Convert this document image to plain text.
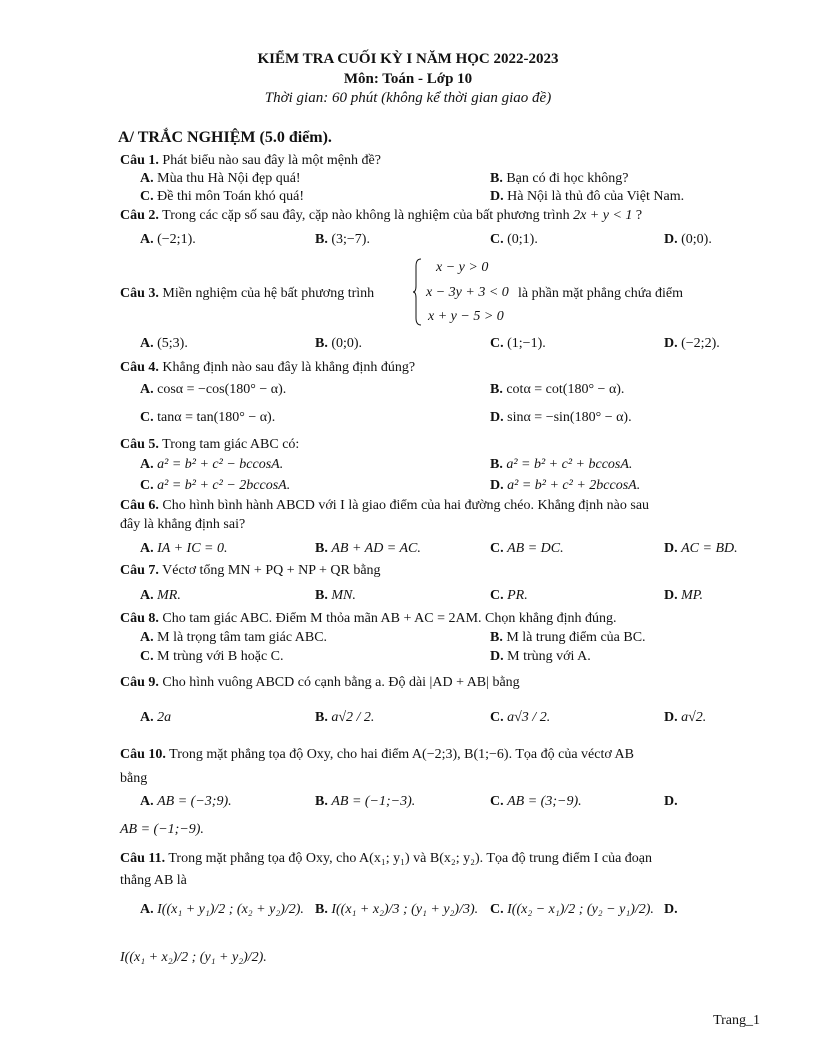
KIỂM TRA CUỐI KỲ I NĂM HỌC 2022-2023
Môn: Toán - Lớp 10
Thời gian: 60 phút (không kể thời gian giao đề)
A/ TRẮC NGHIỆM (5.0 điểm).
Câu 1. Phát biểu nào sau đây là một mệnh đề?
A. Mùa thu Hà Nội đẹp quá!	B. Bạn có đi học không?
C. Đề thi môn Toán khó quá!	D. Hà Nội là thủ đô của Việt Nam.
Câu 2. Trong các cặp số sau đây, cặp nào không là nghiệm của bất phương trình 2x + y < 1 ?
A. (−2;1).	B. (3;−7).	C. (0;1).	D. (0;0).
Câu 3. Miền nghiệm của hệ bất phương trình
x − y > 0
x − 3y + 3 < 0
x + y − 5 > 0
là phần mặt phẳng chứa điểm
A. (5;3).	B. (0;0).	C. (1;−1).	D. (−2;2).
Câu 4. Khẳng định nào sau đây là khẳng định đúng?
A. cosα = −cos(180° − α).	B. cotα = cot(180° − α).
C. tanα = tan(180° − α).	D. sinα = −sin(180° − α).
Câu 5. Trong tam giác ABC có:
A. a² = b² + c² − bccosA.	B. a² = b² + c² + bccosA.
C. a² = b² + c² − 2bccosA.	D. a² = b² + c² + 2bccosA.
Câu 6. Cho hình bình hành ABCD với I là giao điểm của hai đường chéo. Khẳng định nào sau
đây là khẳng định sai?
A. IA + IC = 0.	B. AB + AD = AC.	C. AB = DC.	D. AC = BD.
Câu 7. Véctơ tổng MN + PQ + NP + QR bằng
A. MR.	B. MN.	C. PR.	D. MP.
Câu 8. Cho tam giác ABC. Điểm M thỏa mãn AB + AC = 2AM. Chọn khẳng định đúng.
A. M là trọng tâm tam giác ABC.	B. M là trung điểm của BC.
C. M trùng với B hoặc C.	D. M trùng với A.
Câu 9. Cho hình vuông ABCD có cạnh bằng a. Độ dài |AD + AB| bằng
A. 2a	B. a√2 / 2.	C. a√3 / 2.	D. a√2.
Câu 10. Trong mặt phẳng tọa độ Oxy, cho hai điểm A(−2;3), B(1;−6). Tọa độ của véctơ AB
bằng
A. AB = (−3;9).	B. AB = (−1;−3).	C. AB = (3;−9).	D.
AB = (−1;−9).
Câu 11. Trong mặt phẳng tọa độ Oxy, cho A(x₁; y₁) và B(x₂; y₂). Tọa độ trung điểm I của đoạn
thẳng AB là
A. I((x₁ + y₁)/2 ; (x₂ + y₂)/2). B. I((x₁ + x₂)/3 ; (y₁ + y₂)/3). C. I((x₂ − x₁)/2 ; (y₂ − y₁)/2). D.
I((x₁ + x₂)/2 ; (y₁ + y₂)/2).
Trang_1
